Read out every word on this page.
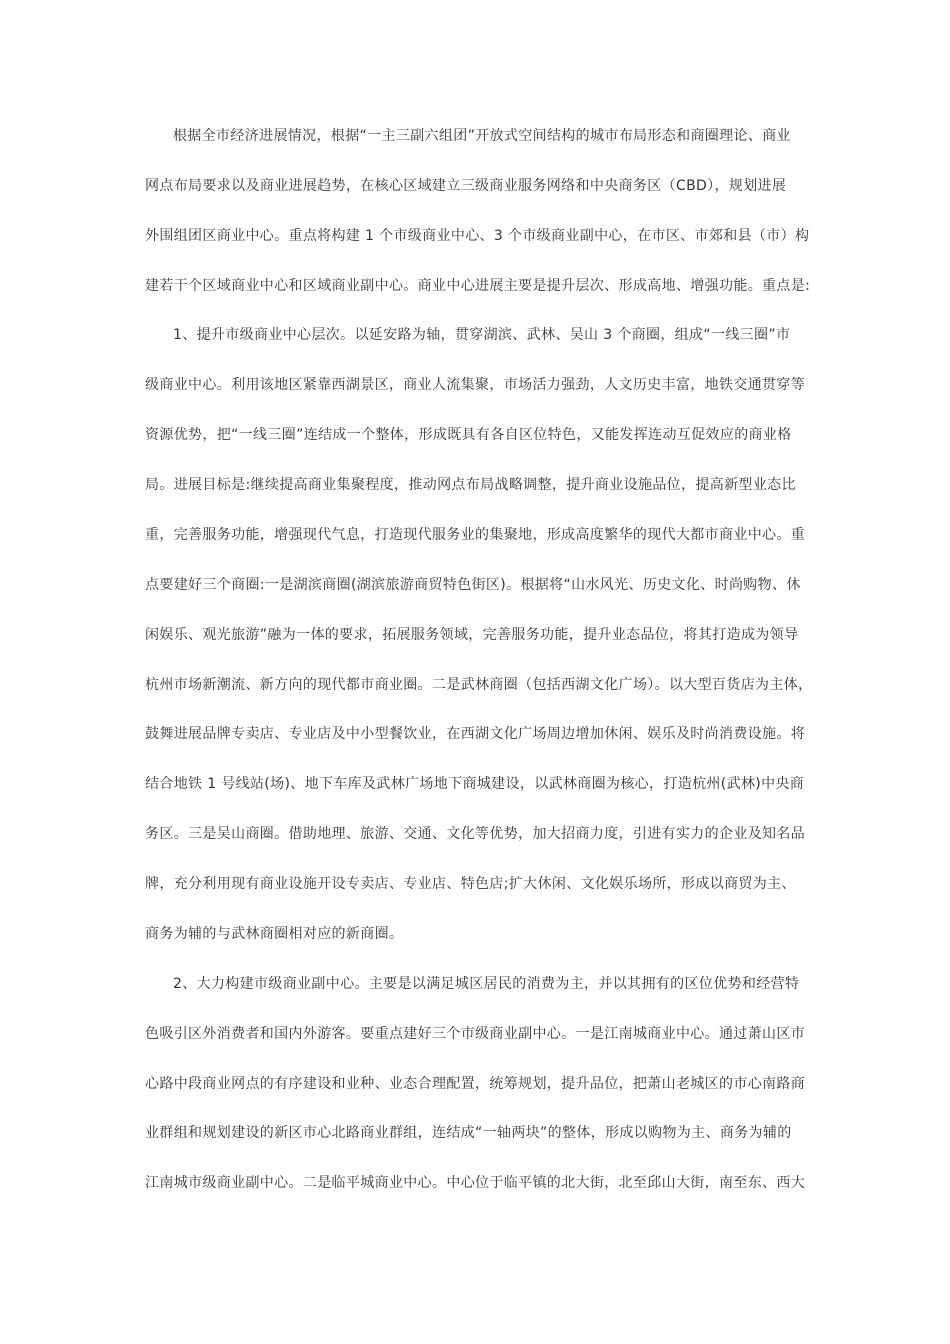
根据全市经济进展情况，根据“一主三副六组团”开放式空间结构的城市布局形态和商圈理论、商业
网点布局要求以及商业进展趋势，在核心区域建立三级商业服务网络和中央商务区（CBD），规划进展
外围组团区商业中心。重点将构建 1 个市级商业中心、3 个市级商业副中心，在市区、市郊和县（市）构
建若干个区域商业中心和区域商业副中心。商业中心进展主要是提升层次、形成高地、增强功能。重点是:
1、提升市级商业中心层次。以延安路为轴，贯穿湖滨、武林、吴山 3 个商圈，组成“一线三圈”市
级商业中心。利用该地区紧靠西湖景区，商业人流集聚，市场活力强劲，人文历史丰富，地铁交通贯穿等
资源优势，把“一线三圈”连结成一个整体，形成既具有各自区位特色，又能发挥连动互促效应的商业格
局。进展目标是:继续提高商业集聚程度，推动网点布局战略调整，提升商业设施品位，提高新型业态比
重，完善服务功能，增强现代气息，打造现代服务业的集聚地，形成高度繁华的现代大都市商业中心。重
点要建好三个商圈:一是湖滨商圈(湖滨旅游商贸特色街区)。根据将“山水风光、历史文化、时尚购物、休
闲娱乐、观光旅游”融为一体的要求，拓展服务领域，完善服务功能，提升业态品位，将其打造成为领导
杭州市场新潮流、新方向的现代都市商业圈。二是武林商圈（包括西湖文化广场）。以大型百货店为主体，
鼓舞进展品牌专卖店、专业店及中小型餐饮业，在西湖文化广场周边增加休闲、娱乐及时尚消费设施。将
结合地铁 1 号线站(场)、地下车库及武林广场地下商城建设，以武林商圈为核心，打造杭州(武林)中央商
务区。三是吴山商圈。借助地理、旅游、交通、文化等优势，加大招商力度，引进有实力的企业及知名品
牌，充分利用现有商业设施开设专卖店、专业店、特色店;扩大休闲、文化娱乐场所，形成以商贸为主、
商务为辅的与武林商圈相对应的新商圈。
2、大力构建市级商业副中心。主要是以满足城区居民的消费为主，并以其拥有的区位优势和经营特
色吸引区外消费者和国内外游客。要重点建好三个市级商业副中心。一是江南城商业中心。通过萧山区市
心路中段商业网点的有序建设和业种、业态合理配置，统筹规划，提升品位，把萧山老城区的市心南路商
业群组和规划建设的新区市心北路商业群组，连结成“一轴两块”的整体，形成以购物为主、商务为辅的
江南城市级商业副中心。二是临平城商业中心。中心位于临平镇的北大街，北至邱山大街，南至东、西大
